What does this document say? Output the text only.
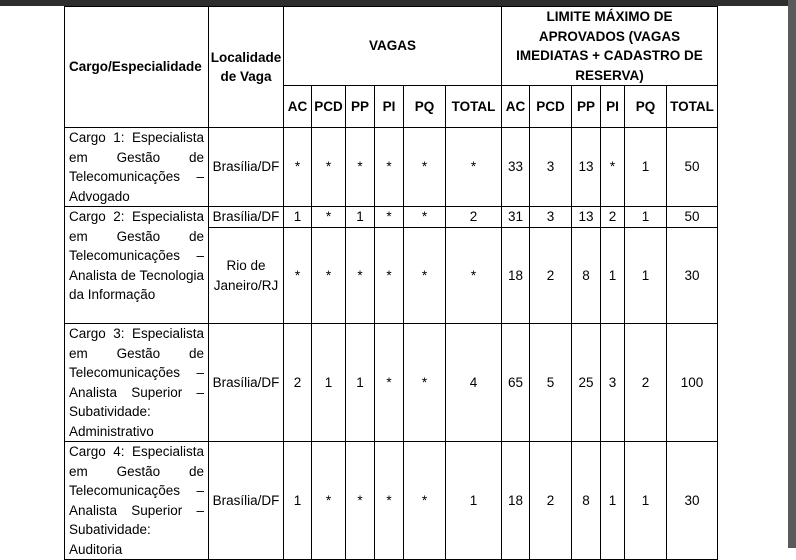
Cargo/Especialidade	Localidade de Vaga	VAGAS						LIMITE MÁXIMO DE APROVADOS (VAGAS IMEDIATAS + CADASTRO DE RESERVA)					
		AC	PCD	PP	PI	PQ	TOTAL	AC	PCD	PP	PI	PQ	TOTAL
Cargo 1: Especialista em Gestão de Telecomunicações – Advogado	Brasília/DF	*	*	*	*	*	*	33	3	13	*	1	50
Cargo 2: Especialista em Gestão de Telecomunicações – Analista de Tecnologia da Informação	Brasília/DF	1	*	1	*	*	2	31	3	13	2	1	50
	Rio de Janeiro/RJ	*	*	*	*	*	*	18	2	8	1	1	30
Cargo 3: Especialista em Gestão de Telecomunicações – Analista Superior – Subatividade: Administrativo	Brasília/DF	2	1	1	*	*	4	65	5	25	3	2	100
Cargo 4: Especialista em Gestão de Telecomunicações – Analista Superior – Subatividade: Auditoria	Brasília/DF	1	*	*	*	*	1	18	2	8	1	1	30
